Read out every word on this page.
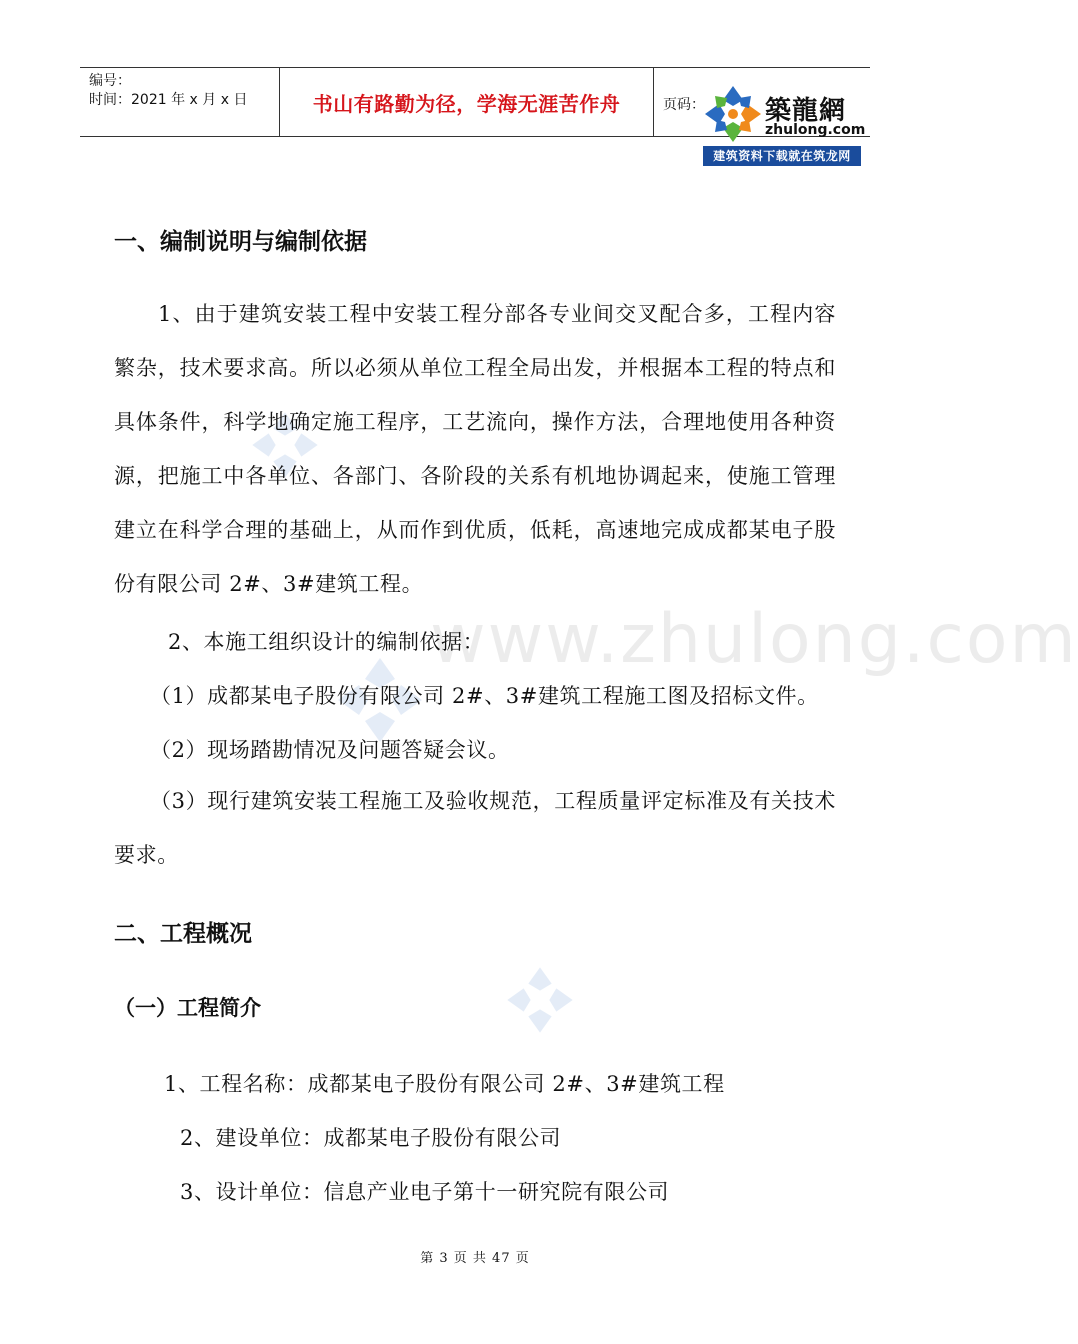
编号：
时间：2021 年 x 月 x 日	书山有路勤为径，学海无涯苦作舟	页码：	築龍網
zhulong.com
建筑资料下载就在筑龙网
www.zhulong.com
一、编制说明与编制依据
1、由于建筑安装工程中安装工程分部各专业间交叉配合多，工程内容繁杂，技术要求高。所以必须从单位工程全局出发，并根据本工程的特点和具体条件，科学地确定施工程序，工艺流向，操作方法，合理地使用各种资源，把施工中各单位、各部门、各阶段的关系有机地协调起来，使施工管理建立在科学合理的基础上，从而作到优质，低耗，高速地完成成都某电子股份有限公司 2#、3#建筑工程。
2、本施工组织设计的编制依据：
（1）成都某电子股份有限公司 2#、3#建筑工程施工图及招标文件。
（2）现场踏勘情况及问题答疑会议。
（3）现行建筑安装工程施工及验收规范，工程质量评定标准及有关技术要求。
二、工程概况
（一）工程简介
1、工程名称：成都某电子股份有限公司 2#、3#建筑工程
2、建设单位：成都某电子股份有限公司
3、设计单位：信息产业电子第十一研究院有限公司
第 3 页 共 47 页
